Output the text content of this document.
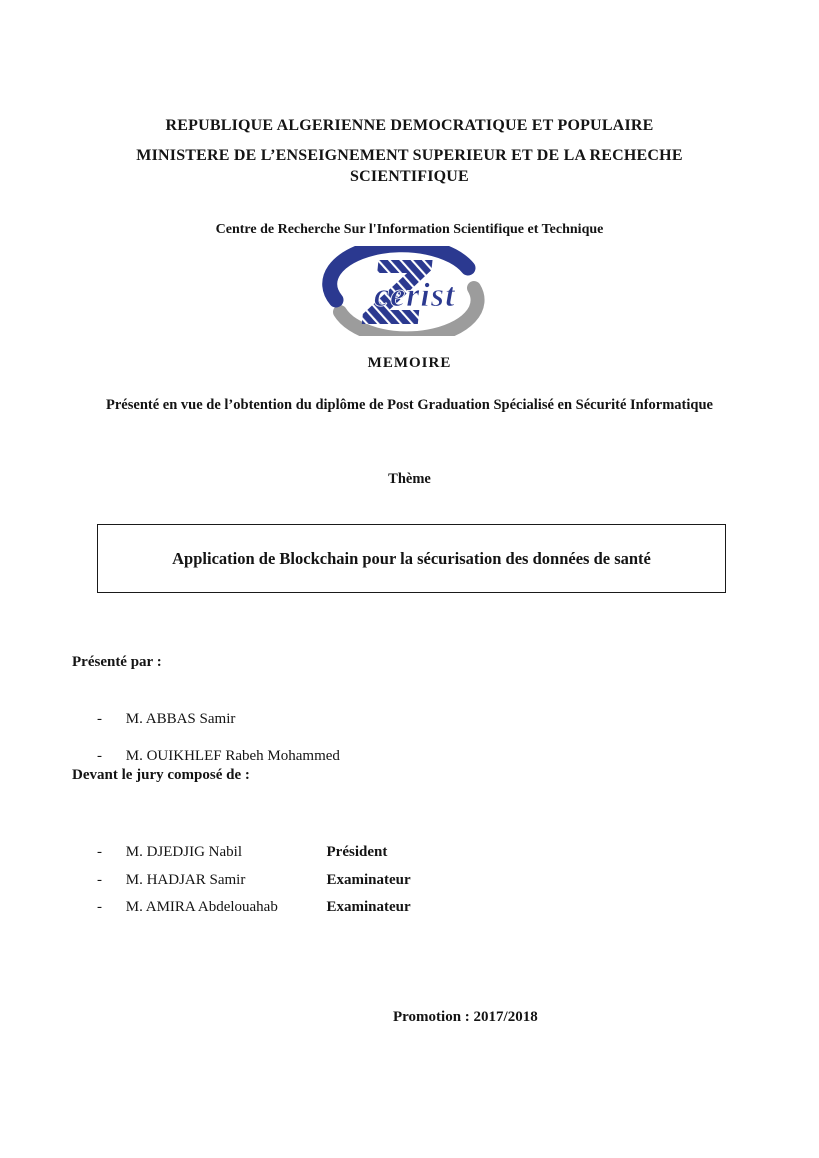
REPUBLIQUE ALGERIENNE DEMOCRATIQUE ET POPULAIRE
MINISTERE DE L’ENSEIGNEMENT SUPERIEUR ET DE LA RECHECHE SCIENTIFIQUE
Centre de Recherche Sur l'Information Scientifique et Technique
cerist
MEMOIRE
Présenté en vue de l’obtention du diplôme de Post Graduation Spécialisé en Sécurité Informatique
Thème
Application de Blockchain pour la sécurisation des données de santé
Présenté par :
- M. ABBAS Samir
- M. OUIKHLEF Rabeh Mohammed
Devant le jury composé de :
- M. DJEDJIG Nabil	Président
- M. HADJAR Samir	Examinateur
- M. AMIRA Abdelouahab	Examinateur
Promotion : 2017/2018
